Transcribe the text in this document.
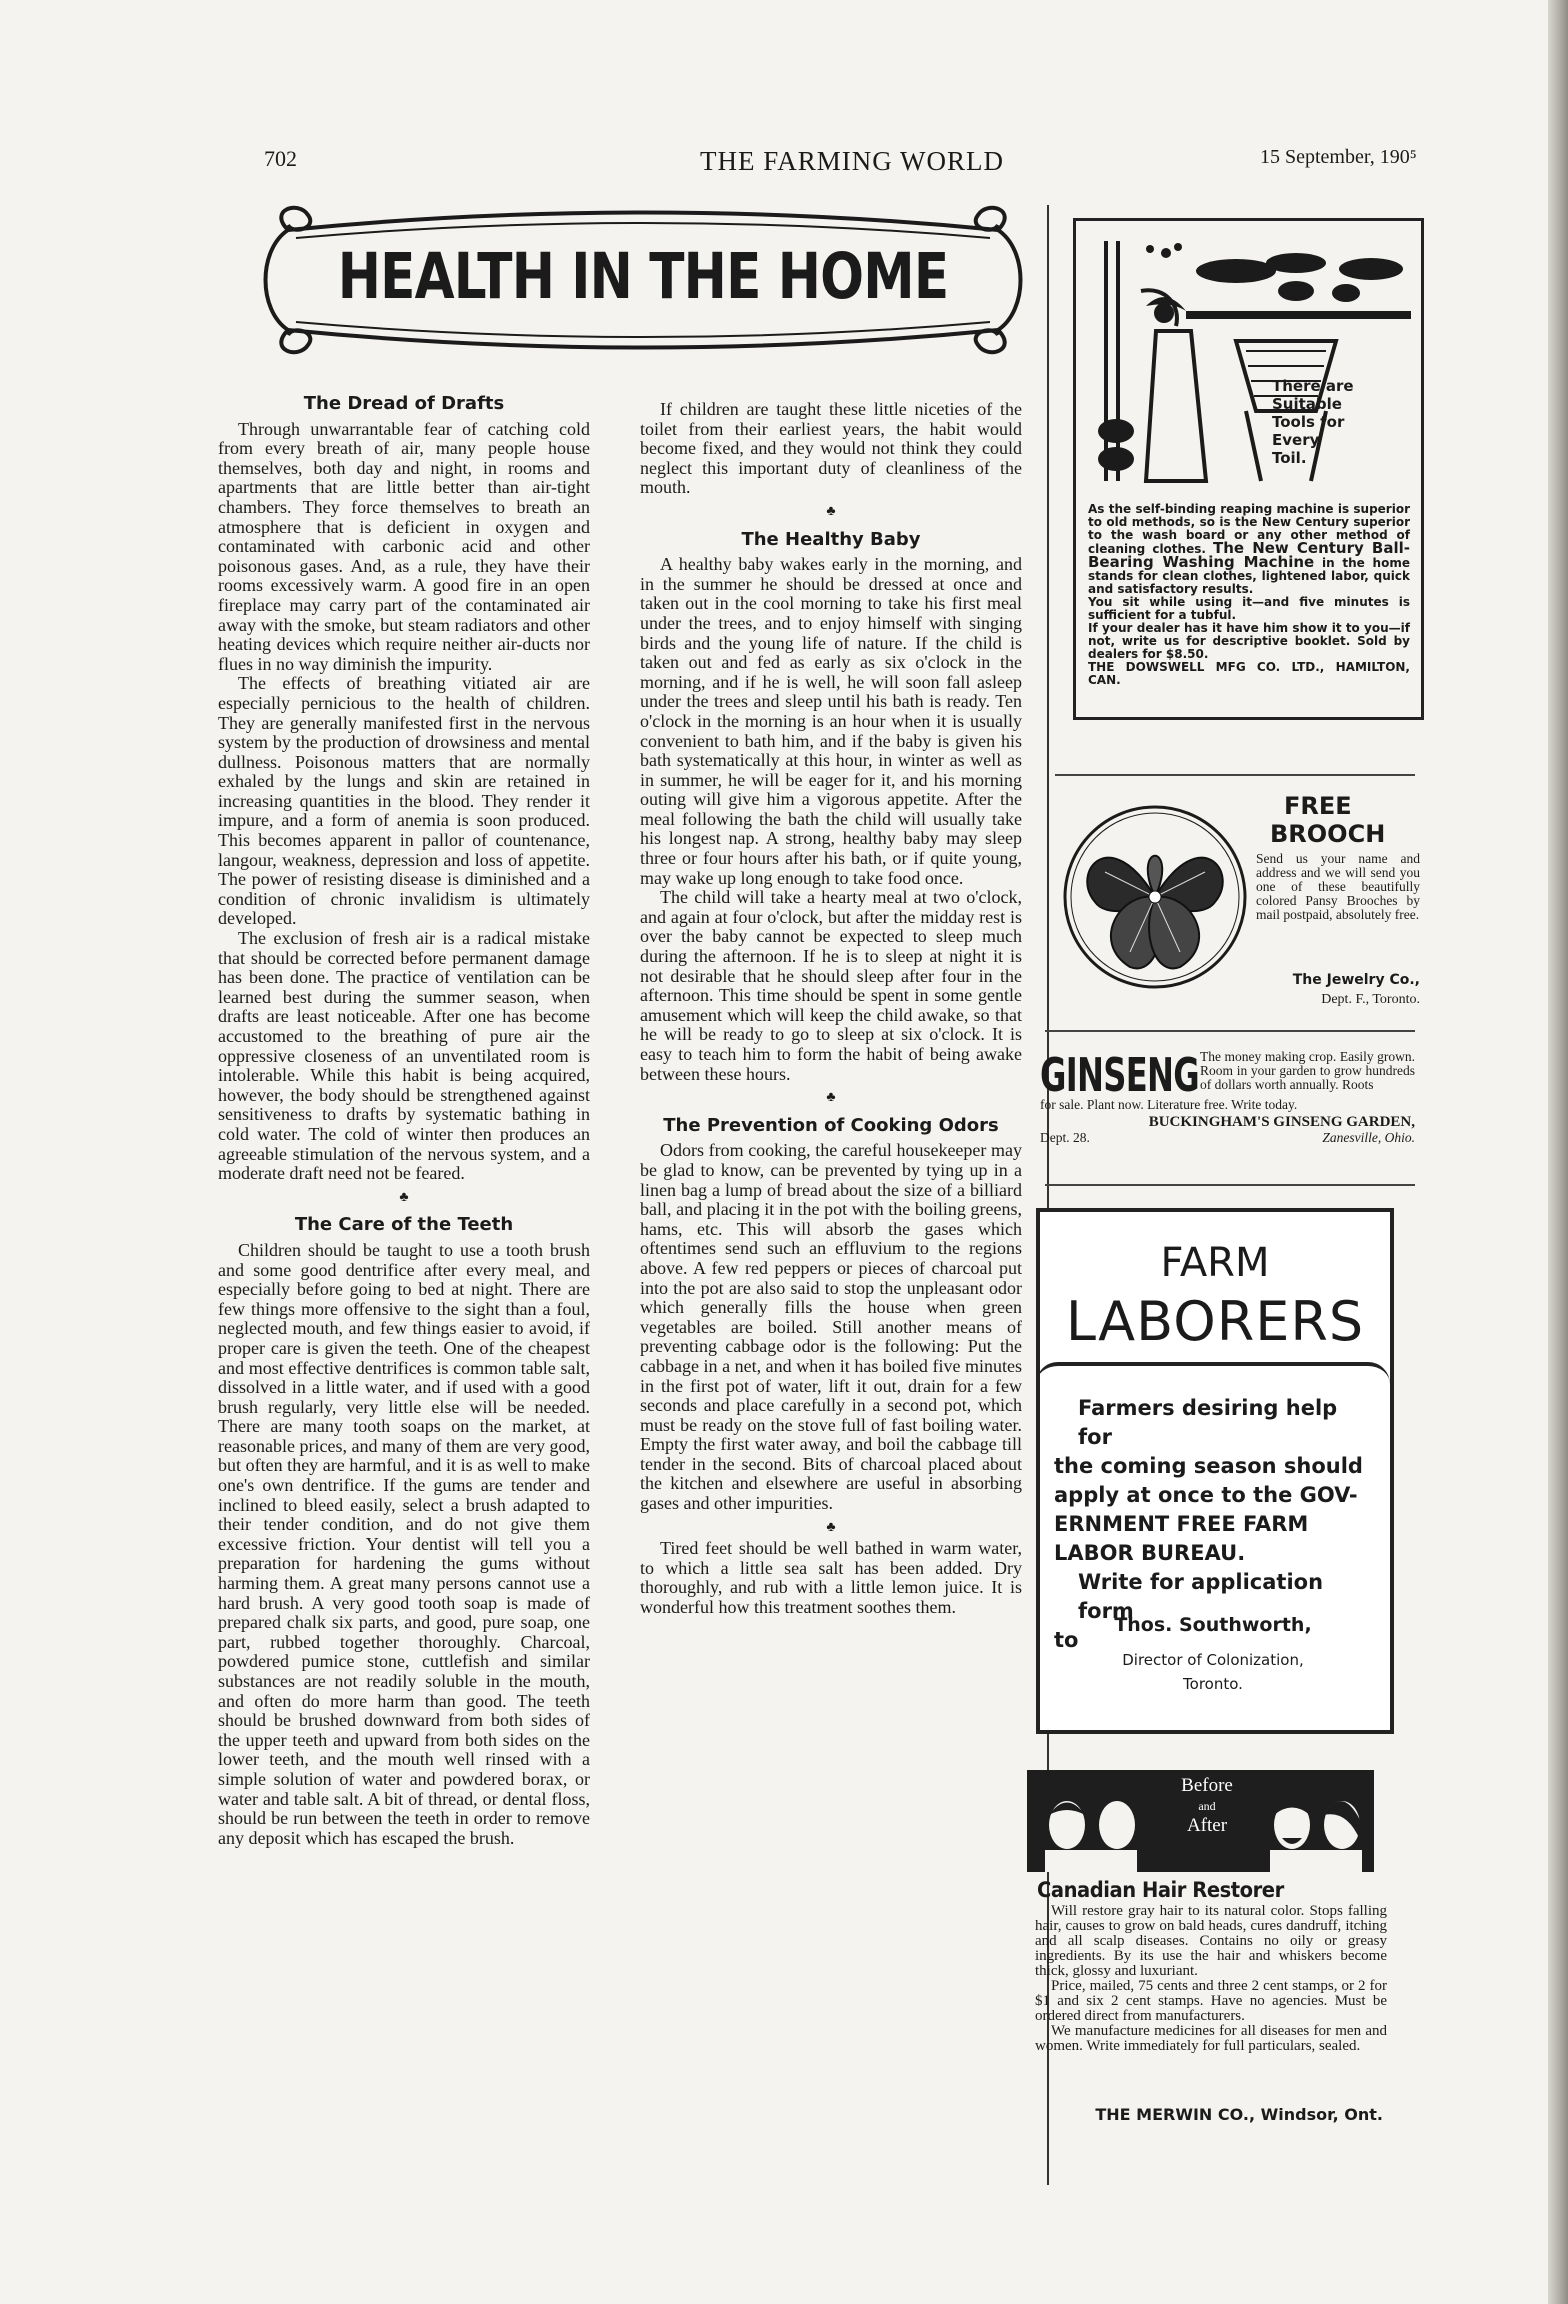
702	THE FARMING WORLD	15 September, 190⁵
HEALTH IN THE HOME
The Dread of Drafts

Through unwarrantable fear of catching cold from every breath of air, many people house themselves, both day and night, in rooms and apartments that are little better than air-tight chambers. They force themselves to breath an atmosphere that is deficient in oxygen and contaminated with carbonic acid and other poisonous gases. And, as a rule, they have their rooms excessively warm. A good fire in an open fireplace may carry part of the contaminated air away with the smoke, but steam radiators and other heating devices which require neither air-ducts nor flues in no way diminish the impurity.

The effects of breathing vitiated air are especially pernicious to the health of children. They are generally manifested first in the nervous system by the production of drowsiness and mental dullness. Poisonous matters that are normally exhaled by the lungs and skin are retained in increasing quantities in the blood. They render it impure, and a form of anemia is soon produced. This becomes apparent in pallor of countenance, langour, weakness, depression and loss of appetite. The power of resisting disease is diminished and a condition of chronic invalidism is ultimately developed.

The exclusion of fresh air is a radical mistake that should be corrected before permanent damage has been done. The practice of ventilation can be learned best during the summer season, when drafts are least noticeable. After one has become accustomed to the breathing of pure air the oppressive closeness of an unventilated room is intolerable. While this habit is being acquired, however, the body should be strengthened against sensitiveness to drafts by systematic bathing in cold water. The cold of winter then produces an agreeable stimulation of the nervous system, and a moderate draft need not be feared.

♣
The Care of the Teeth

Children should be taught to use a tooth brush and some good dentrifice after every meal, and especially before going to bed at night. There are few things more offensive to the sight than a foul, neglected mouth, and few things easier to avoid, if proper care is given the teeth. One of the cheapest and most effective dentrifices is common table salt, dissolved in a little water, and if used with a good brush regularly, very little else will be needed. There are many tooth soaps on the market, at reasonable prices, and many of them are very good, but often they are harmful, and it is as well to make one's own dentrifice. If the gums are tender and inclined to bleed easily, select a brush adapted to their tender condition, and do not give them excessive friction. Your dentist will tell you a preparation for hardening the gums without harming them. A great many persons cannot use a hard brush. A very good tooth soap is made of prepared chalk six parts, and good, pure soap, one part, rubbed together thoroughly. Charcoal, powdered pumice stone, cuttlefish and similar substances are not readily soluble in the mouth, and often do more harm than good. The teeth should be brushed downward from both sides of the upper teeth and upward from both sides on the lower teeth, and the mouth well rinsed with a simple solution of water and powdered borax, or water and table salt. A bit of thread, or dental floss, should be run between the teeth in order to remove any deposit which has escaped the brush.

If children are taught these little niceties of the toilet from their earliest years, the habit would become fixed, and they would not think they could neglect this important duty of cleanliness of the mouth.

♣
The Healthy Baby

A healthy baby wakes early in the morning, and in the summer he should be dressed at once and taken out in the cool morning to take his first meal under the trees, and to enjoy himself with singing birds and the young life of nature. If the child is taken out and fed as early as six o'clock in the morning, and if he is well, he will soon fall asleep under the trees and sleep until his bath is ready. Ten o'clock in the morning is an hour when it is usually convenient to bath him, and if the baby is given his bath systematically at this hour, in winter as well as in summer, he will be eager for it, and his morning outing will give him a vigorous appetite. After the meal following the bath the child will usually take his longest nap. A strong, healthy baby may sleep three or four hours after his bath, or if quite young, may wake up long enough to take food once.

The child will take a hearty meal at two o'clock, and again at four o'clock, but after the midday rest is over the baby cannot be expected to sleep much during the afternoon. If he is to sleep at night it is not desirable that he should sleep after four in the afternoon. This time should be spent in some gentle amusement which will keep the child awake, so that he will be ready to go to sleep at six o'clock. It is easy to teach him to form the habit of being awake between these hours.

♣
The Prevention of Cooking Odors

Odors from cooking, the careful housekeeper may be glad to know, can be prevented by tying up in a linen bag a lump of bread about the size of a billiard ball, and placing it in the pot with the boiling greens, hams, etc. This will absorb the gases which oftentimes send such an effluvium to the regions above. A few red peppers or pieces of charcoal put into the pot are also said to stop the unpleasant odor which generally fills the house when green vegetables are boiled. Still another means of preventing cabbage odor is the following: Put the cabbage in a net, and when it has boiled five minutes in the first pot of water, lift it out, drain for a few seconds and place carefully in a second pot, which must be ready on the stove full of fast boiling water. Empty the first water away, and boil the cabbage till tender in the second. Bits of charcoal placed about the kitchen and elsewhere are useful in absorbing gases and other impurities.

♣

Tired feet should be well bathed in warm water, to which a little sea salt has been added. Dry thoroughly, and rub with a little lemon juice. It is wonderful how this treatment soothes them.

There are
Suitable
Tools for
Every
Toil.
As the self-binding reaping machine is superior to old methods, so is the New Century superior to the wash board or any other method of cleaning clothes. The New Century Ball-Bearing Washing Machine in the home stands for clean clothes, lightened labor, quick and satisfactory results.
You sit while using it—and five minutes is sufficient for a tubful.
If your dealer has it have him show it to you—if not, write us for descriptive booklet. Sold by dealers for $8.50.
THE DOWSWELL MFG CO. LTD., HAMILTON, CAN.
FREE
BROOCH
Send us your name and address and we will send you one of these beautifully colored Pansy Brooches by mail postpaid, absolutely free.
The Jewelry Co.,
Dept. F., Toronto.
GINSENG The money making crop. Easily grown. Room in your garden to grow hundreds of dollars worth annually. Roots
for sale. Plant now. Literature free. Write today.
BUCKINGHAM'S GINSENG GARDEN,
Dept. 28.	Zanesville, Ohio.
FARM
LABORERS
Farmers desiring help for
the coming season should
apply at once to the GOV-
ERNMENT FREE FARM
LABOR BUREAU.
Write for application form
to
Thos. Southworth,
Director of Colonization,
Toronto.
Before
and
After
Canadian Hair Restorer
Will restore gray hair to its natural color. Stops falling hair, causes to grow on bald heads, cures dandruff, itching and all scalp diseases. Contains no oily or greasy ingredients. By its use the hair and whiskers become thick, glossy and luxuriant.
Price, mailed, 75 cents and three 2 cent stamps, or 2 for $1 and six 2 cent stamps. Have no agencies. Must be ordered direct from manufacturers.
We manufacture medicines for all diseases for men and women. Write immediately for full particulars, sealed.
THE MERWIN CO., Windsor, Ont.
